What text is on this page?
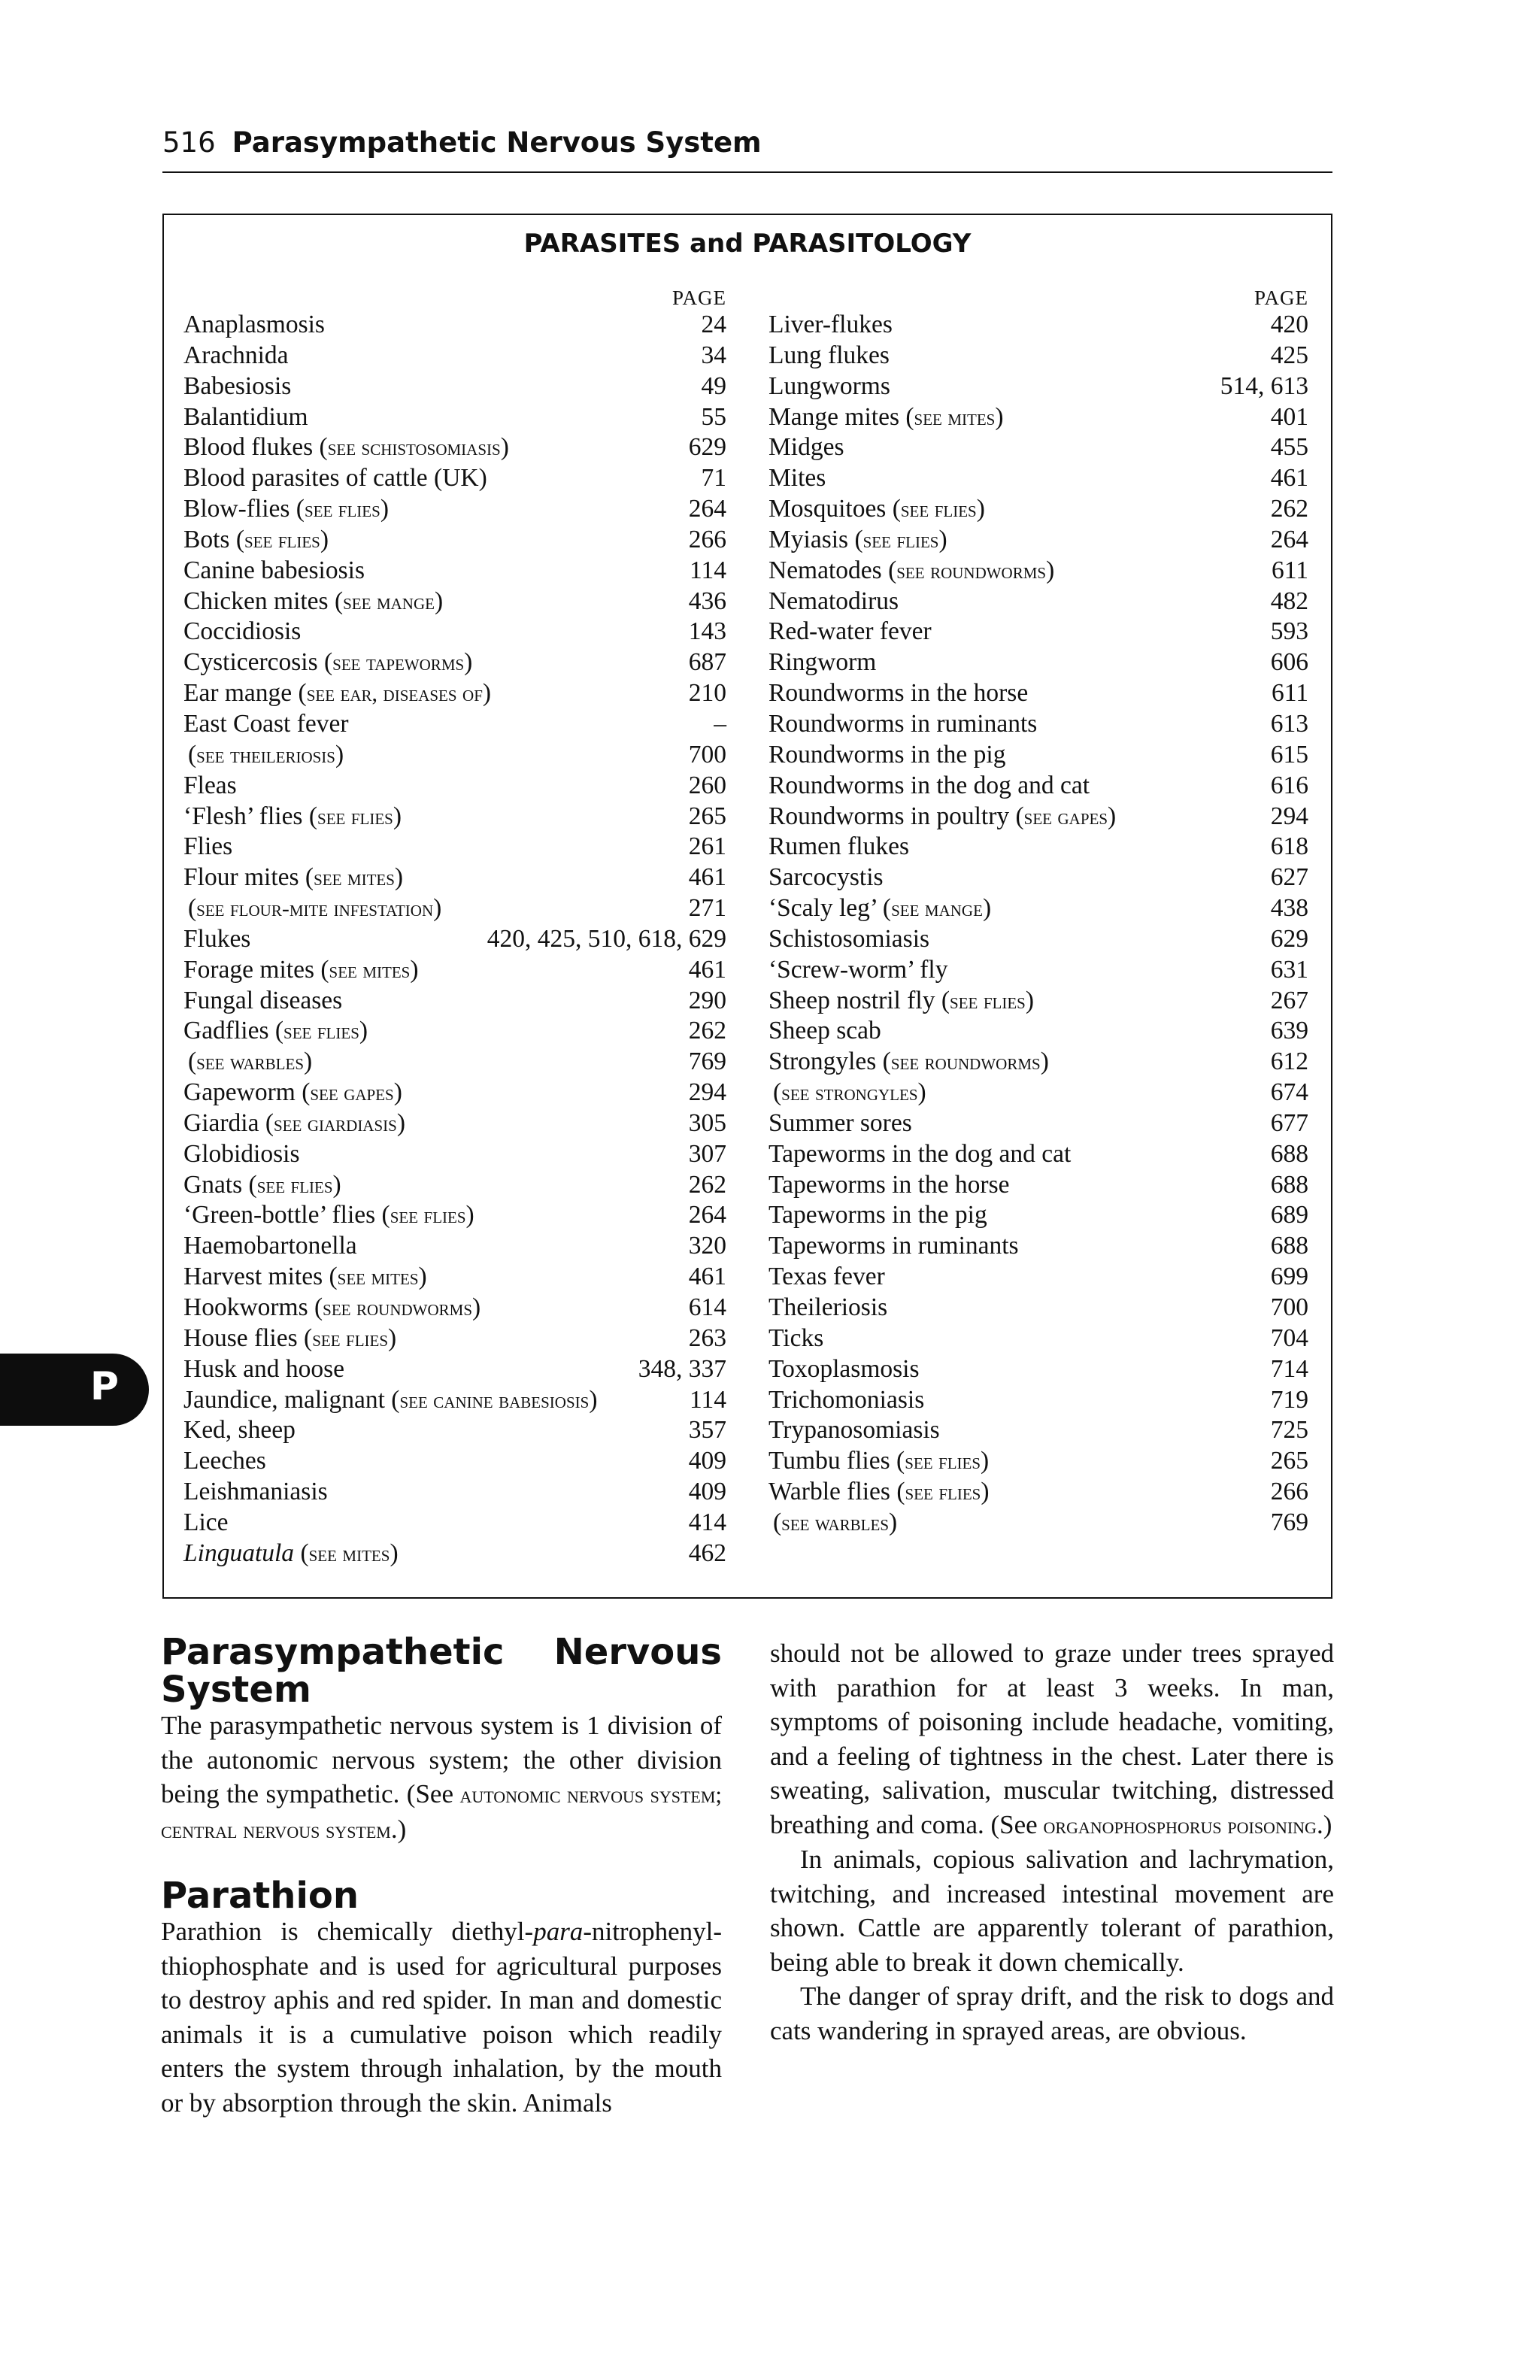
516 Parasympathetic Nervous System
PARASITES and PARASITOLOGY
PAGE
Anaplasmosis	24
Arachnida	34
Babesiosis	49
Balantidium	55
Blood flukes (see schistosomiasis)	629
Blood parasites of cattle (UK)	71
Blow-flies (see flies)	264
Bots (see flies)	266
Canine babesiosis	114
Chicken mites (see mange)	436
Coccidiosis	143
Cysticercosis (see tapeworms)	687
Ear mange (see ear, diseases of)	210
East Coast fever	–
(see theileriosis)	700
Fleas	260
‘Flesh’ flies (see flies)	265
Flies	261
Flour mites (see mites)	461
(see flour-mite infestation)	271
Flukes	420, 425, 510, 618, 629
Forage mites (see mites)	461
Fungal diseases	290
Gadflies (see flies)	262
(see warbles)	769
Gapeworm (see gapes)	294
Giardia (see giardiasis)	305
Globidiosis	307
Gnats (see flies)	262
‘Green-bottle’ flies (see flies)	264
Haemobartonella	320
Harvest mites (see mites)	461
Hookworms (see roundworms)	614
House flies (see flies)	263
Husk and hoose	348, 337
Jaundice, malignant (see canine babesiosis)	114
Ked, sheep	357
Leeches	409
Leishmaniasis	409
Lice	414
Linguatula (see mites)	462
PAGE
Liver-flukes	420
Lung flukes	425
Lungworms	514, 613
Mange mites (see mites)	401
Midges	455
Mites	461
Mosquitoes (see flies)	262
Myiasis (see flies)	264
Nematodes (see roundworms)	611
Nematodirus	482
Red-water fever	593
Ringworm	606
Roundworms in the horse	611
Roundworms in ruminants	613
Roundworms in the pig	615
Roundworms in the dog and cat	616
Roundworms in poultry (see gapes)	294
Rumen flukes	618
Sarcocystis	627
‘Scaly leg’ (see mange)	438
Schistosomiasis	629
‘Screw-worm’ fly	631
Sheep nostril fly (see flies)	267
Sheep scab	639
Strongyles (see roundworms)	612
(see strongyles)	674
Summer sores	677
Tapeworms in the dog and cat	688
Tapeworms in the horse	688
Tapeworms in the pig	689
Tapeworms in ruminants	688
Texas fever	699
Theileriosis	700
Ticks	704
Toxoplasmosis	714
Trichomoniasis	719
Trypanosomiasis	725
Tumbu flies (see flies)	265
Warble flies (see flies)	266
(see warbles)	769
P
Parasympathetic Nervous System

The parasympathetic nervous system is 1 division of the autonomic nervous system; the other division being the sympathetic. (See autonomic nervous system; central nervous system.)

Parathion

Parathion is chemically diethyl-para-nitrophenyl-thiophosphate and is used for agricultural purposes to destroy aphis and red spider. In man and domestic animals it is a cumulative poison which readily enters the system through inhalation, by the mouth or by absorption through the skin. Animals

should not be allowed to graze under trees sprayed with parathion for at least 3 weeks. In man, symptoms of poisoning include headache, vomiting, and a feeling of tightness in the chest. Later there is sweating, salivation, muscular twitching, distressed breathing and coma. (See organophosphorus poisoning.)

In animals, copious salivation and lachrymation, twitching, and increased intestinal movement are shown. Cattle are apparently tolerant of parathion, being able to break it down chemically.

The danger of spray drift, and the risk to dogs and cats wandering in sprayed areas, are obvious.
